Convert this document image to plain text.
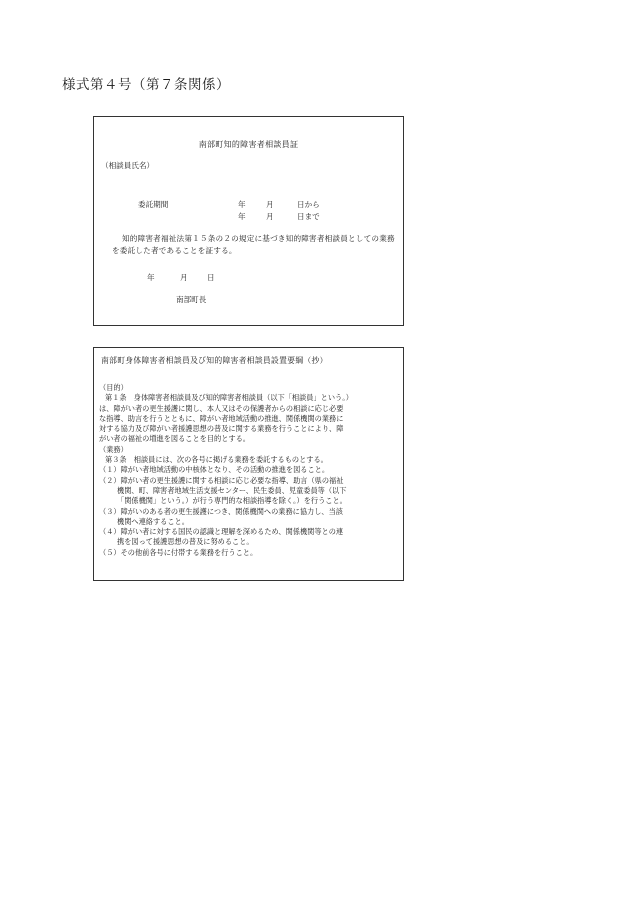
様式第４号（第７条関係）
南部町知的障害者相談員証
（相談員氏名）
委託期間	年	月	日から
年	月	日まで
知的障害者福祉法第１５条の２の規定に基づき知的障害者相談員としての業務を委託した者であることを証する。
年	月	日
南部町長
南部町身体障害者相談員及び知的障害者相談員設置要綱（抄）
（目的）
第１条　身体障害者相談員及び知的障害者相談員（以下「相談員」という。）
は、障がい者の更生援護に関し、本人又はその保護者からの相談に応じ必要
な指導、助言を行うとともに、障がい者地域活動の推進、関係機関の業務に
対する協力及び障がい者援護思想の普及に関する業務を行うことにより、障
がい者の福祉の増進を図ることを目的とする。
（業務）
第３条　相談員には、次の各号に掲げる業務を委託するものとする。
（１）障がい者地域活動の中核体となり、その活動の推進を図ること。
（２）障がい者の更生援護に関する相談に応じ必要な指導、助言（県の福祉
機関、町、障害者地域生活支援センター、民生委員、児童委員等（以下
「関係機関」という。）が行う専門的な相談指導を除く。）を行うこと。
（３）障がいのある者の更生援護につき、関係機関への業務に協力し、当該
機関へ連絡すること。
（４）障がい者に対する国民の認識と理解を深めるため、関係機関等との連
携を図って援護思想の普及に努めること。
（５）その他前各号に付帯する業務を行うこと。
